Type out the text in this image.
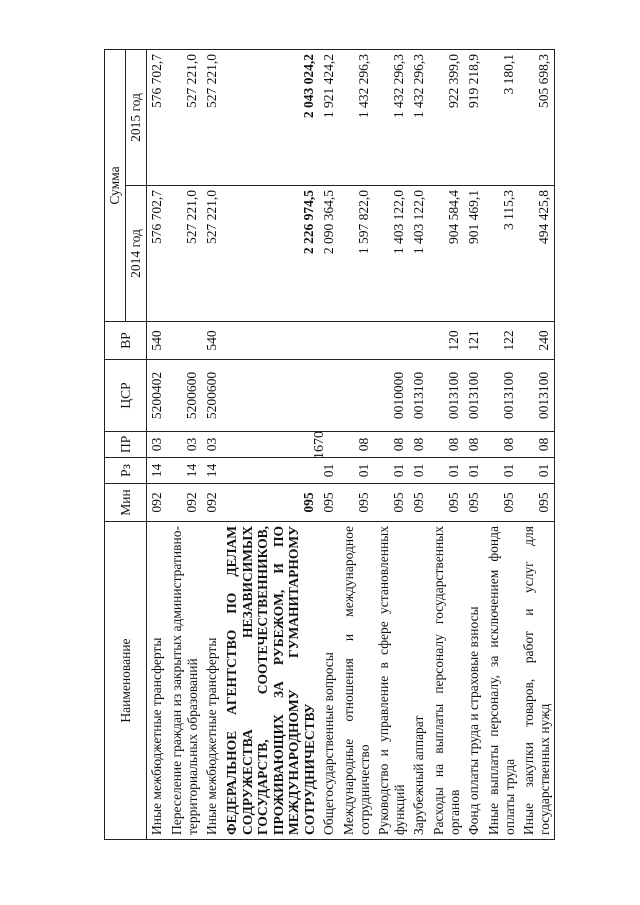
1670
Наименование	Мин	Рз	ПР	ЦСР	ВР	Сумма	
						2014 год	2015 год
Иные межбюджетные трансферты	092	14	03	5200402	540	576 702,7	576 702,7
Переселение граждан из закрытых административно-территориальных образований	092	14	03	5200600		527 221,0	527 221,0
Иные межбюджетные трансферты	092	14	03	5200600	540	527 221,0	527 221,0
ФЕДЕРАЛЬНОЕ АГЕНТСТВО ПО ДЕЛАМ СОДРУЖЕСТВА НЕЗАВИСИМЫХ ГОСУДАРСТВ, СООТЕЧЕСТВЕННИКОВ, ПРОЖИВАЮЩИХ ЗА РУБЕЖОМ, И ПО МЕЖДУНАРОДНОМУ ГУМАНИТАРНОМУ СОТРУДНИЧЕСТВУ	095					2 226 974,5	2 043 024,2
Общегосударственные вопросы	095	01				2 090 364,5	1 921 424,2
Международные отношения и международное сотрудничество	095	01	08			1 597 822,0	1 432 296,3
Руководство и управление в сфере установленных функций	095	01	08	0010000		1 403 122,0	1 432 296,3
Зарубежный аппарат	095	01	08	0013100		1 403 122,0	1 432 296,3
Расходы на выплаты персоналу государственных органов	095	01	08	0013100	120	904 584,4	922 399,0
Фонд оплаты труда и страховые взносы	095	01	08	0013100	121	901 469,1	919 218,9
Иные выплаты персоналу, за исключением фонда оплаты труда	095	01	08	0013100	122	3 115,3	3 180,1
Иные закупки товаров, работ и услуг для государственных нужд	095	01	08	0013100	240	494 425,8	505 698,3
